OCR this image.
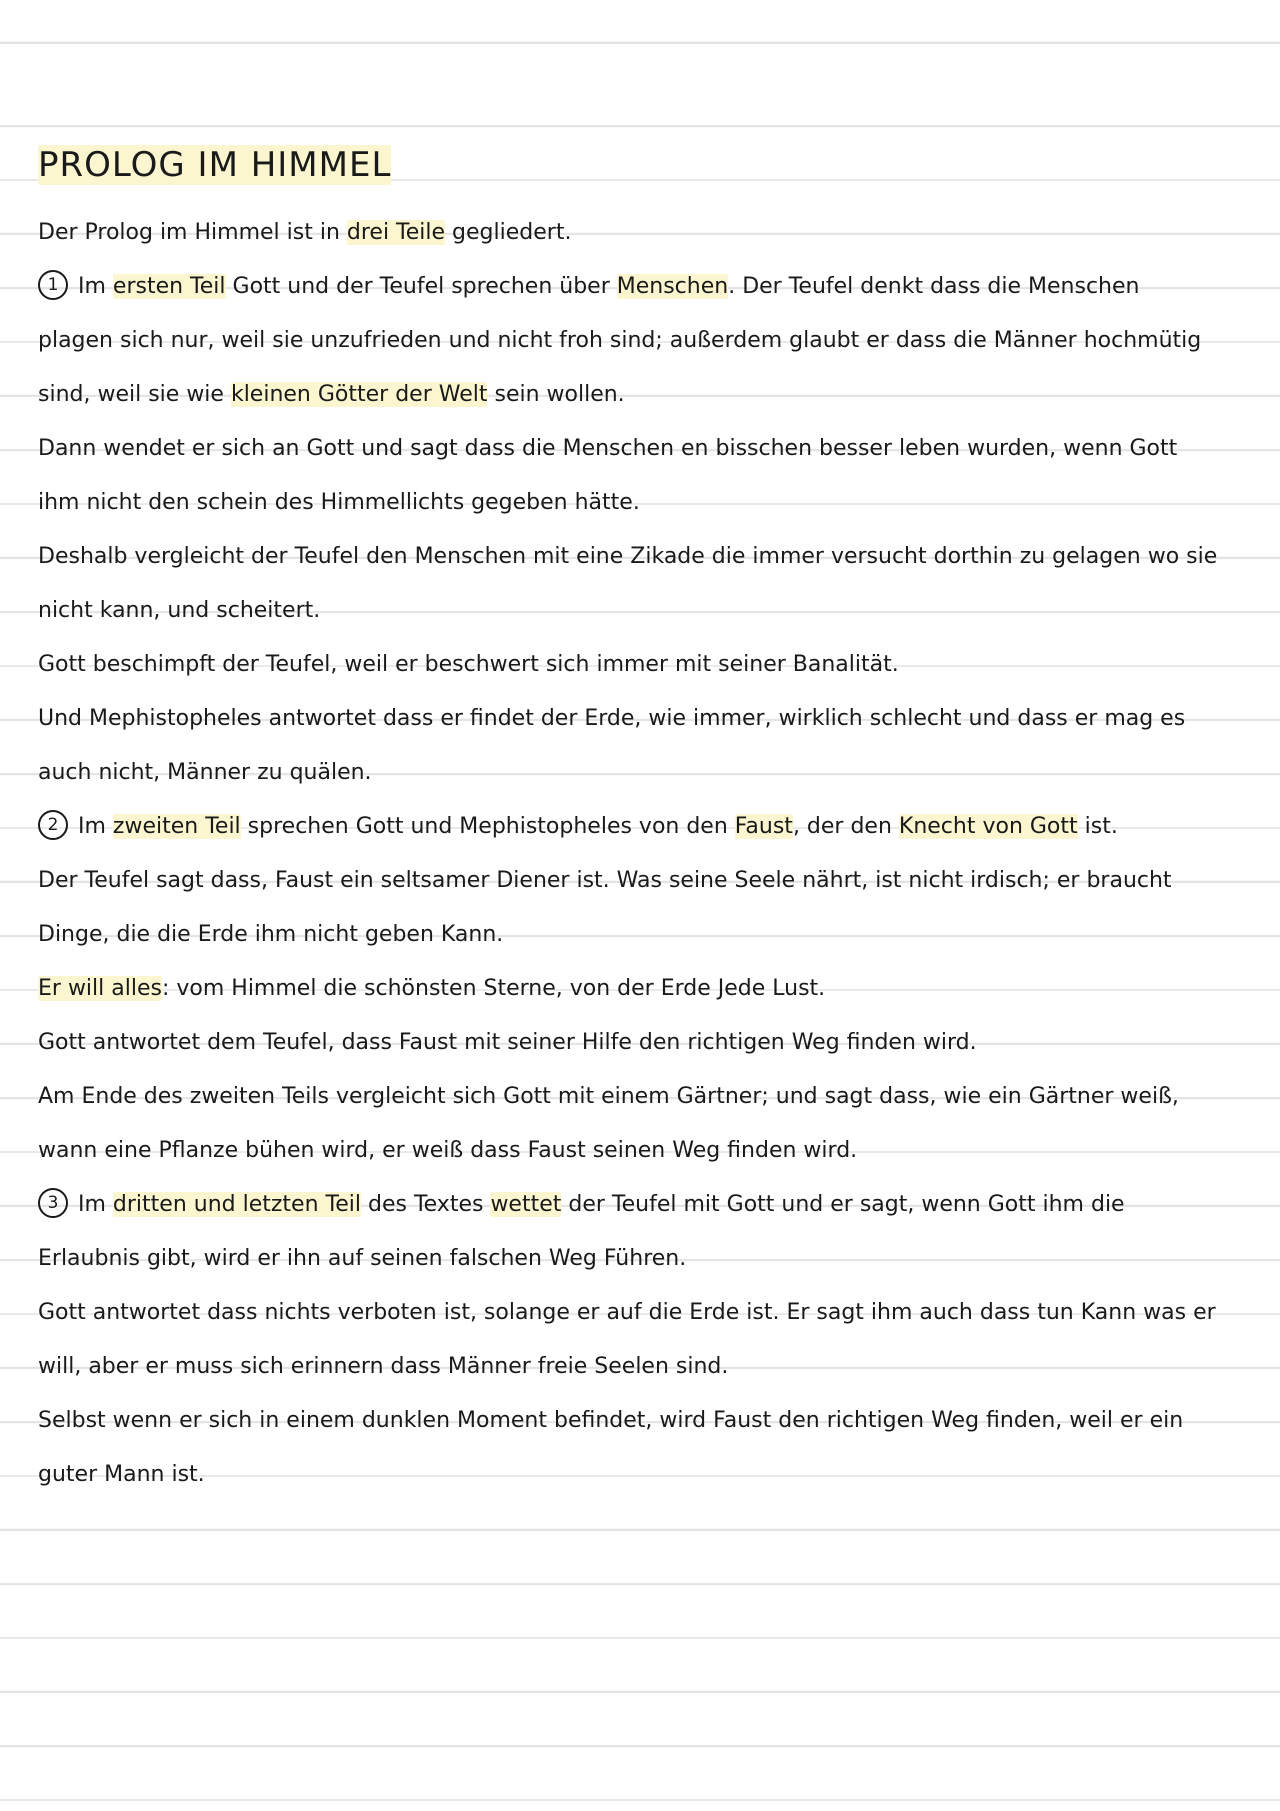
PROLOG IM HIMMEL

Der Prolog im Himmel ist in drei Teile gegliedert.

1 Im ersten Teil Gott und der Teufel sprechen über Menschen. Der Teufel denkt dass die Menschen plagen sich nur, weil sie unzufrieden und nicht froh sind; außerdem glaubt er dass die Männer hochmütig sind, weil sie wie kleinen Götter der Welt sein wollen.

Dann wendet er sich an Gott und sagt dass die Menschen en bisschen besser leben wurden, wenn Gott ihm nicht den schein des Himmellichts gegeben hätte.

Deshalb vergleicht der Teufel den Menschen mit eine Zikade die immer versucht dorthin zu gelagen wo sie nicht kann, und scheitert.

Gott beschimpft der Teufel, weil er beschwert sich immer mit seiner Banalität.

Und Mephistopheles antwortet dass er findet der Erde, wie immer, wirklich schlecht und dass er mag es auch nicht, Männer zu quälen.

2 Im zweiten Teil sprechen Gott und Mephistopheles von den Faust, der den Knecht von Gott ist.

Der Teufel sagt dass, Faust ein seltsamer Diener ist. Was seine Seele nährt, ist nicht irdisch; er braucht Dinge, die die Erde ihm nicht geben Kann.

Er will alles: vom Himmel die schönsten Sterne, von der Erde Jede Lust.

Gott antwortet dem Teufel, dass Faust mit seiner Hilfe den richtigen Weg finden wird.

Am Ende des zweiten Teils vergleicht sich Gott mit einem Gärtner; und sagt dass, wie ein Gärtner weiß, wann eine Pflanze bühen wird, er weiß dass Faust seinen Weg finden wird.

3 Im dritten und letzten Teil des Textes wettet der Teufel mit Gott und er sagt, wenn Gott ihm die Erlaubnis gibt, wird er ihn auf seinen falschen Weg Führen.

Gott antwortet dass nichts verboten ist, solange er auf die Erde ist. Er sagt ihm auch dass tun Kann was er will, aber er muss sich erinnern dass Männer freie Seelen sind.

Selbst wenn er sich in einem dunklen Moment befindet, wird Faust den richtigen Weg finden, weil er ein guter Mann ist.
